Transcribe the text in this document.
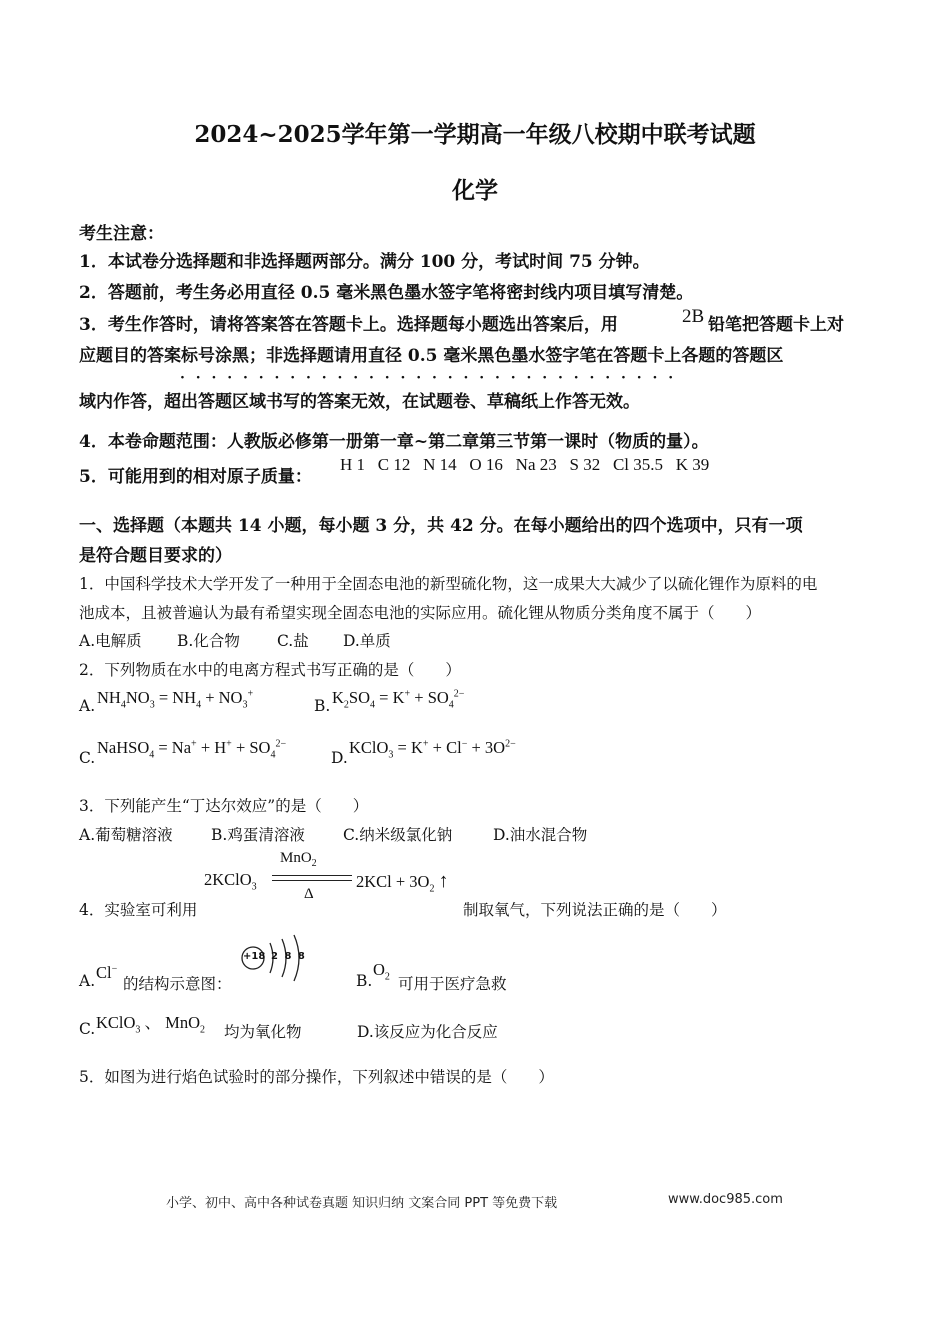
2024~2025学年第一学期高一年级八校期中联考试题
化学
考生注意：
1．本试卷分选择题和非选择题两部分。满分 100 分，考试时间 75 分钟。
2．答题前，考生务必用直径 0.5 毫米黑色墨水签字笔将密封线内项目填写清楚。
3．考生作答时，请将答案答在答题卡上。选择题每小题选出答案后，用	2B 铅笔把答题卡上对
应题目的答案标号涂黑；非选择题请用直径 0.5 毫米黑色墨水签字笔在答题卡上各题的答题区
· · · · · · · · · · · · · · · · · · · · · · · · · · · · · · · ·
域内作答，超出答题区域书写的答案无效，在试题卷、草稿纸上作答无效。
4．本卷命题范围：人教版必修第一册第一章~第二章第三节第一课时（物质的量）。
5．可能用到的相对原子质量：
H 1   C 12   N 14   O 16   Na 23   S 32   Cl 35.5   K 39
一、选择题（本题共 14 小题，每小题 3 分，共 42 分。在每小题给出的四个选项中，只有一项
是符合题目要求的）
1．中国科学技术大学开发了一种用于全固态电池的新型硫化物，这一成果大大减少了以硫化锂作为原料的电
池成本，且被普遍认为最有希望实现全固态电池的实际应用。硫化锂从物质分类角度不属于（　　）
A.电解质 B.化合物 C.盐 D.单质
2．下列物质在水中的电离方程式书写正确的是（　　）
A. $NH_4NO_3 = NH_4 + NO_3^+$
B. $K_2SO_4 = K^+ + SO_4^{2-}$
C.
NaHSO$_4$ = $Na^+ + H^+ + SO_4^{2-}$
D.
KClO$_3$ = $K^+ + Cl^- + 3O^{2-}$
3．下列能产生“丁达尔效应”的是（　　）
A.葡萄糖溶液 B.鸡蛋清溶液 C.纳米级氯化钠	D.油水混合物
4．实验室可利用
2KClO$_3$
MnO$_2$
Δ
$2KCl + 3O_2$ ↑
制取氧气，下列说法正确的是（　　）
A. Cl−
的结构示意图：
+18 2 8 8
B.
$O_2$ 可用于医疗急救
C. KClO$_3$ 、 MnO$_2$ 均为氧化物	D.该反应为化合反应
5．如图为进行焰色试验时的部分操作，下列叙述中错误的是（　　）
小学、初中、高中各种试卷真题 知识归纳 文案合同 PPT 等免费下载	www.doc985.com
